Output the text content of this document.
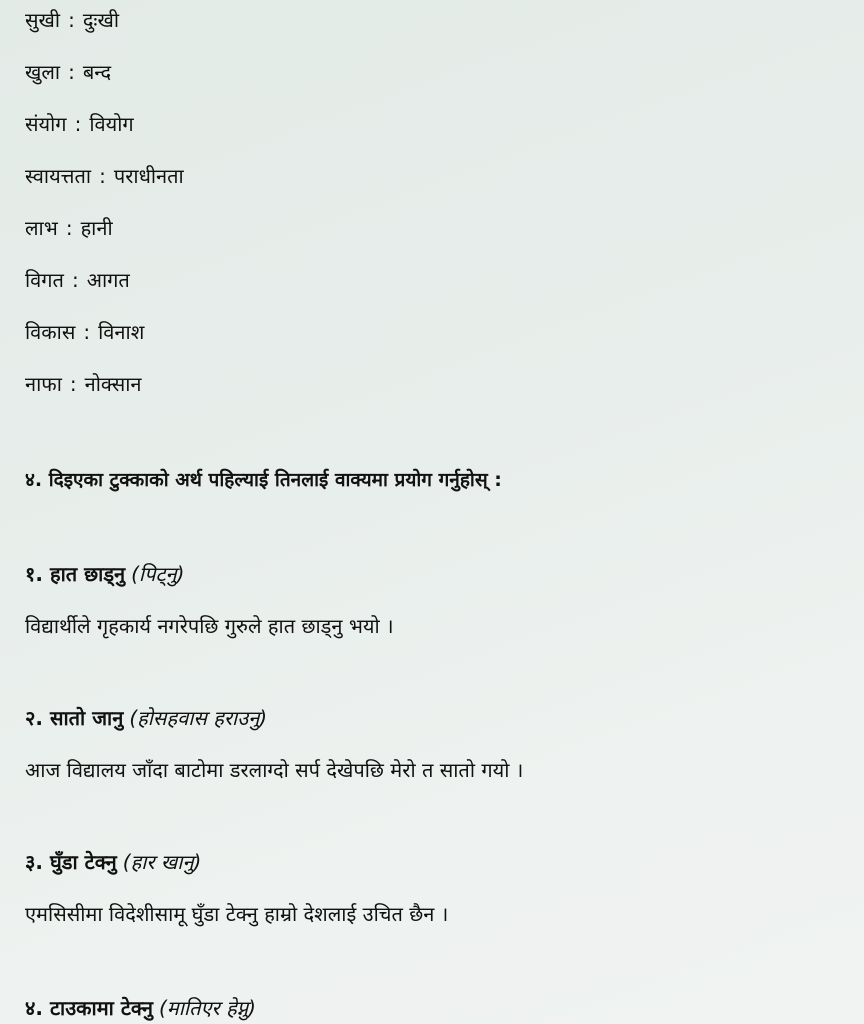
सुखी : दुःखी
खुला : बन्द
संयोग : वियोग
स्वायत्तता : पराधीनता
लाभ : हानी
विगत : आगत
विकास : विनाश
नाफा : नोक्सान
४. दिइएका टुक्काको अर्थ पहिल्याई तिनलाई वाक्यमा प्रयोग गर्नुहोस् :
१. हात छाड्नु (पिट्नु)
विद्यार्थीले गृहकार्य नगरेपछि गुरुले हात छाड्नु भयो ।
२. सातो जानु (होसहवास हराउनु)
आज विद्यालय जाँदा बाटोमा डरलाग्दो सर्प देखेपछि मेरो त सातो गयो ।
३. घुँडा टेक्नु (हार खानु)
एमसिसीमा विदेशीसामू घुँडा टेक्नु हाम्रो देशलाई उचित छैन ।
४. टाउकामा टेक्नु (मातिएर हेप्नु)
